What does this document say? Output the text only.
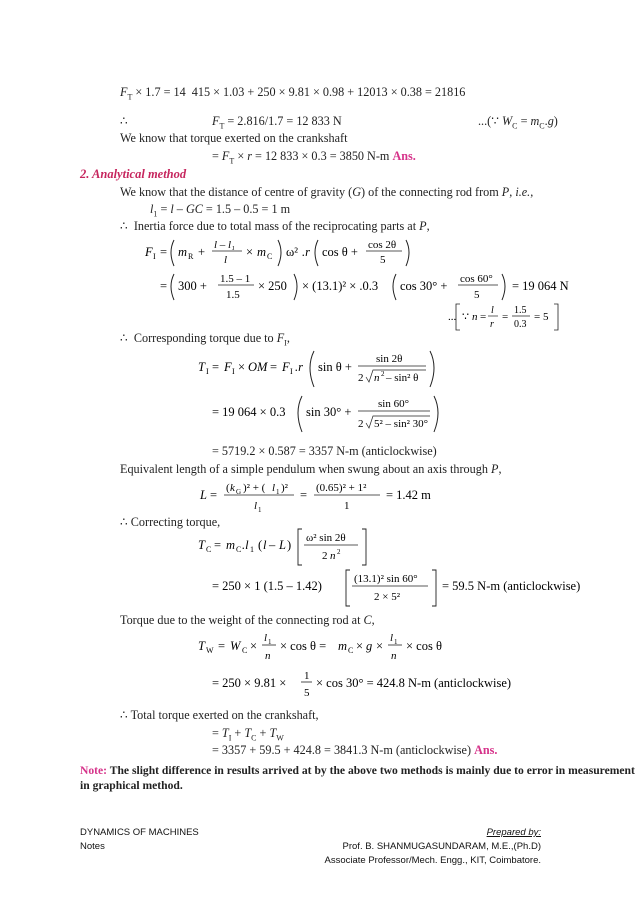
$F_T \times 1.7 = 14$  415 × 1.03 + 250 × 9.81 × 0.98 + 12013 × 0.38 = 21816
∴	$F_T = 2.816/1.7 = 12$ 833 N	...(∵ $W_C = m_C.g$)
We know that torque exerted on the crankshaft
= $F_T \times r = 12$ 833 × 0.3 = 3850 N-m Ans.
2. Analytical method
We know that the distance of centre of gravity (G) of the connecting rod from P, i.e.,
$l_1 = l$ – GC = 1.5 – 0.5 = 1 m
∴  Inertia force due to total mass of the reciprocating parts at P,
F I = m R + l – l₁
l
× m C ω² .r cos θ + cos 2θ
5
= 300 + 1.5 – 1
1.5
× 250 × (13.1)² × .0.3 cos 30° + cos 60°
5
= 19 064 N
... ∵ n =
l
r
=
1.5
0.3
= 5
∴  Corresponding torque due to $F_I$,
T I = F I × OM = F I .r sin θ +
sin 2θ
2 n 2 – sin² θ
= 19 064 × 0.3 sin 30° +
sin 60°
2 5² – sin² 30°
= 5719.2 × 0.587 = 3357 N-m (anticlockwise)
Equivalent length of a simple pendulum when swung about an axis through P,
L = ( k G )² + ( l 1 )²
l 1
= (0.65)² + 1²
1
= 1.42 m
∴ Correcting torque,
T C = m C .l 1 ( l – L ) ω² sin 2θ
2 n 2
= 250 × 1 (1.5 – 1.42)	(13.1)² sin 60°
2 × 5²
= 59.5 N-m (anticlockwise)
Torque due to the weight of the connecting rod at C,
T W = W C ×
l 1
n
× cos θ = m C × g ×
l 1
n
× cos θ
= 250 × 9.81 × 1
5
× cos 30° = 424.8 N-m (anticlockwise)
∴ Total torque exerted on the crankshaft,
= $T_I + T_C + T_W$
= 3357 + 59.5 + 424.8 = 3841.3 N-m (anticlockwise) Ans.
Note: The slight difference in results arrived at by the above two methods is mainly due to error in measurement
in graphical method.
DYNAMICS OF MACHINES
Notes
Prepared by:
Prof. B. SHANMUGASUNDARAM, M.E.,(Ph.D)
Associate Professor/Mech. Engg., KIT, Coimbatore.
